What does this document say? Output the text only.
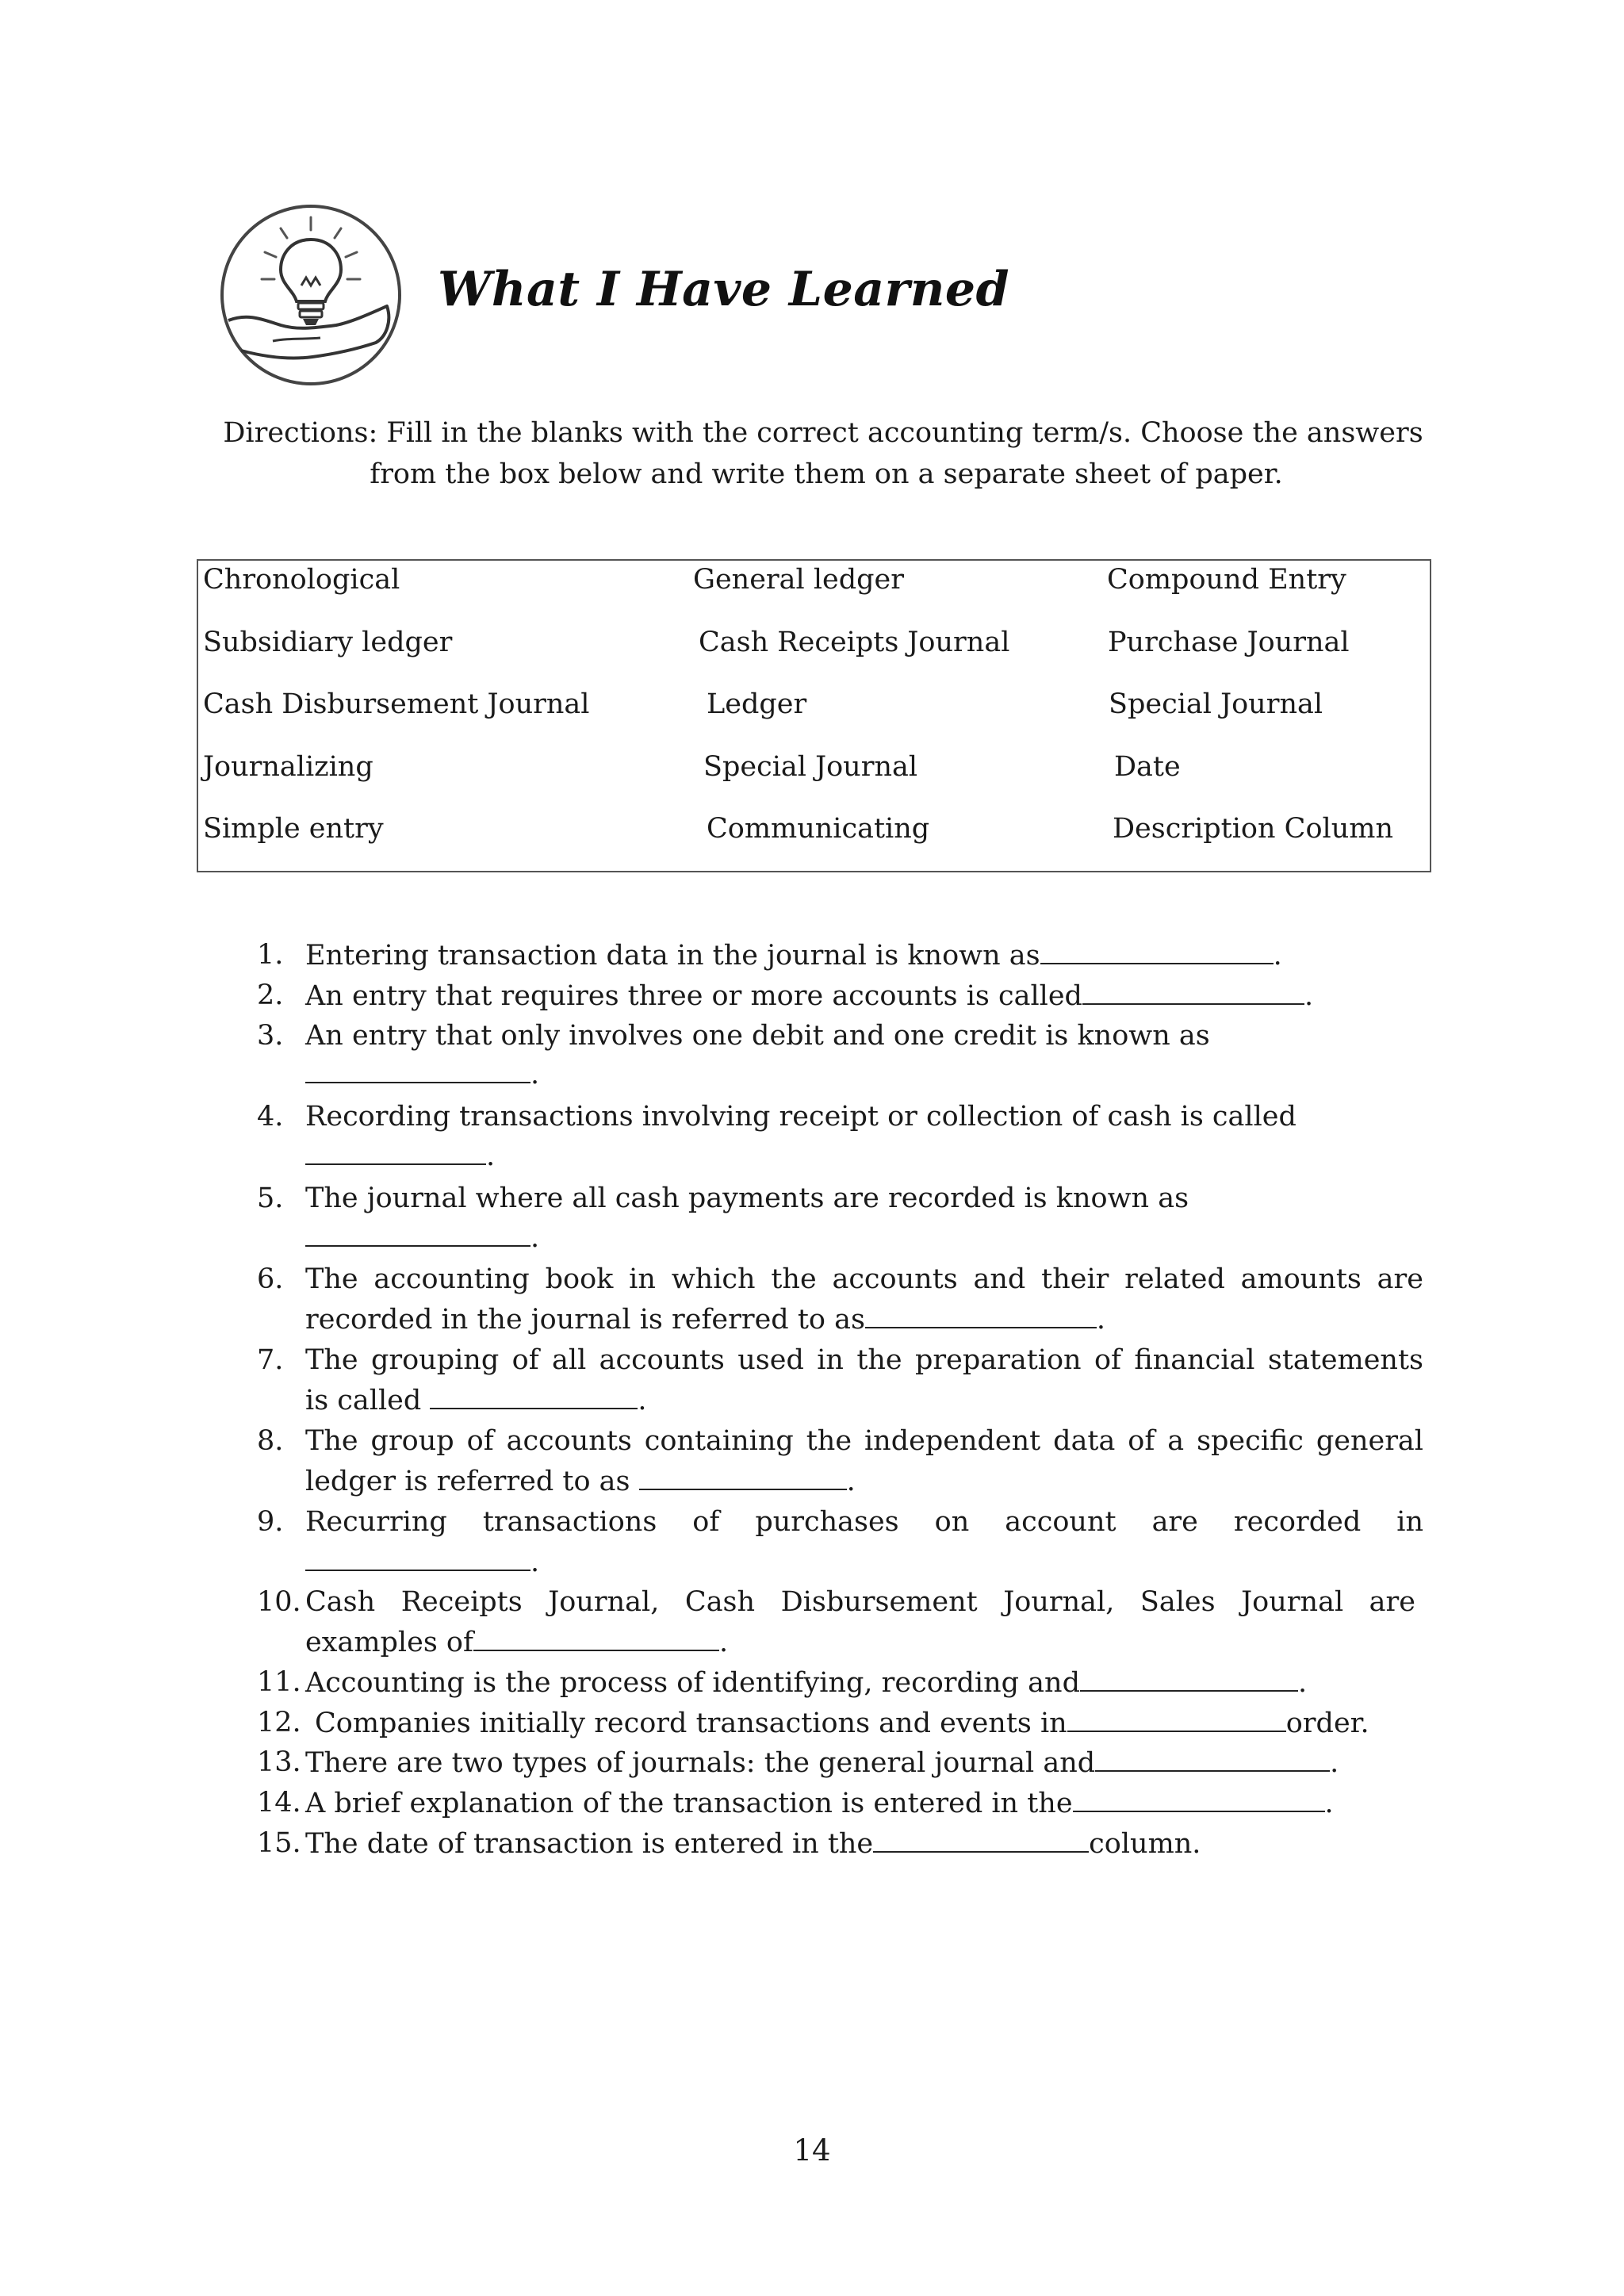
What I Have Learned

Directions: Fill in the blanks with the correct accounting term/s. Choose the answers

from the box below and write them on a separate sheet of paper.

Chronological	General ledger	Compound Entry

Subsidiary ledger	Cash Receipts Journal	Purchase Journal

Cash Disbursement Journal	Ledger	Special Journal

Journalizing	Special Journal	Date

Simple entry	Communicating	Description Column

1. Entering transaction data in the journal is known as	.

2. An entry that requires three or more accounts is called	.

3. An entry that only involves one debit and one credit is known as

.

4. Recording transactions involving receipt or collection of cash is called

.

5. The journal where all cash payments are recorded is known as

.

6. The accounting book in which the accounts and their related amounts are

recorded in the journal is referred to as	.

7. The grouping of all accounts used in the preparation of financial statements

is called	.

8. The group of accounts containing the independent data of a specific general

ledger is referred to as	.

9. Recurring transactions of purchases on account are recorded in

.

10. Cash Receipts Journal, Cash Disbursement Journal, Sales Journal are

examples of	.

11. Accounting is the process of identifying, recording and	.

12. Companies initially record transactions and events in	order.

13. There are two types of journals: the general journal and	.

14. A brief explanation of the transaction is entered in the	.

15. The date of transaction is entered in the	column.

14
